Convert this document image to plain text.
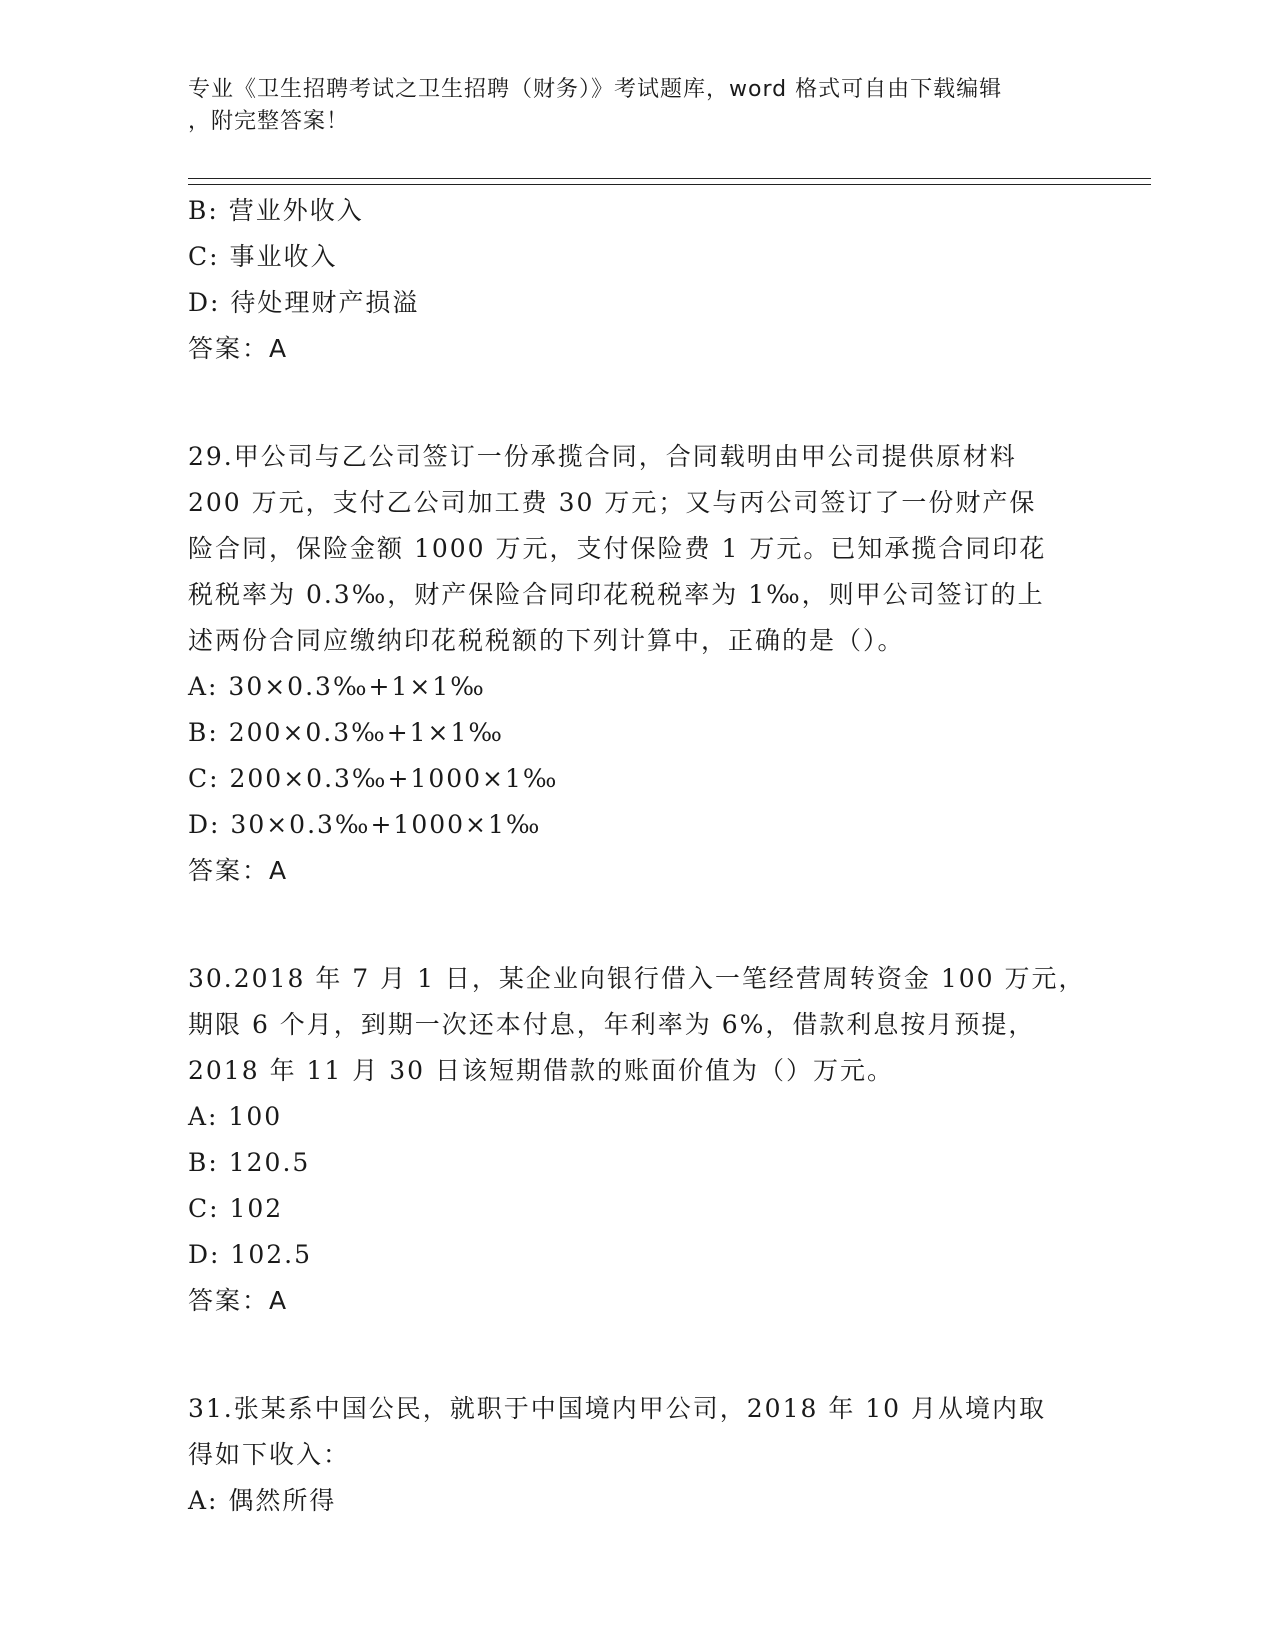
专业《卫生招聘考试之卫生招聘（财务）》考试题库，word 格式可自由下载编辑
，附完整答案！
B: 营业外收入
C: 事业收入
D: 待处理财产损溢
答案：A
29.甲公司与乙公司签订一份承揽合同，合同载明由甲公司提供原材料
200 万元，支付乙公司加工费 30 万元；又与丙公司签订了一份财产保
险合同，保险金额 1000 万元，支付保险费 1 万元。已知承揽合同印花
税税率为 0.3‰，财产保险合同印花税税率为 1‰，则甲公司签订的上
述两份合同应缴纳印花税税额的下列计算中，正确的是（）。
A: 30×0.3‰+1×1‰
B: 200×0.3‰+1×1‰
C: 200×0.3‰+1000×1‰
D: 30×0.3‰+1000×1‰
答案：A
30.2018 年 7 月 1 日，某企业向银行借入一笔经营周转资金 100 万元，
期限 6 个月，到期一次还本付息，年利率为 6%，借款利息按月预提，
2018 年 11 月 30 日该短期借款的账面价值为（）万元。
A: 100
B: 120.5
C: 102
D: 102.5
答案：A
31.张某系中国公民，就职于中国境内甲公司，2018 年 10 月从境内取
得如下收入：
A: 偶然所得
